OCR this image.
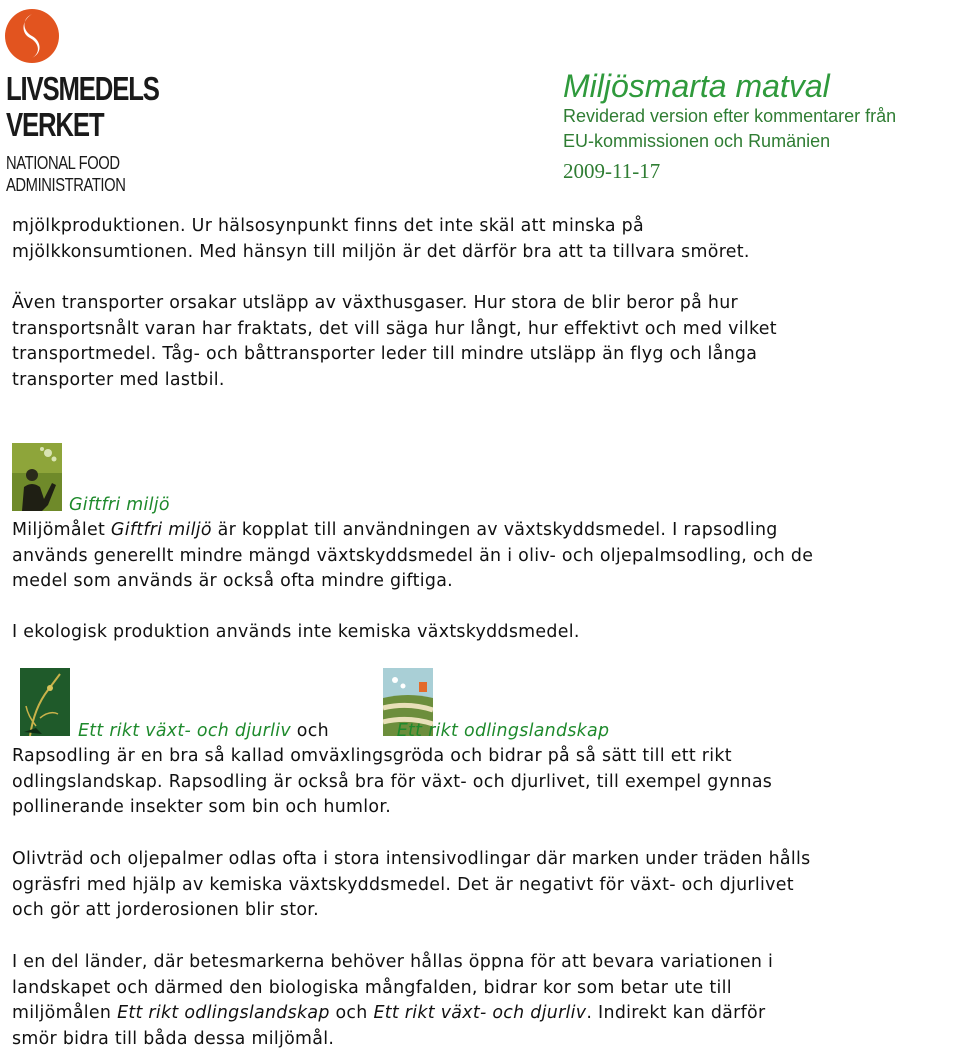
LIVSMEDELS
VERKET
NATIONAL FOOD
ADMINISTRATION
Miljösmarta matval
Reviderad version efter kommentarer från
EU-kommissionen och Rumänien
2009-11-17
mjölkproduktionen. Ur hälsosynpunkt finns det inte skäl att minska på
mjölkkonsumtionen. Med hänsyn till miljön är det därför bra att ta tillvara smöret.
Även transporter orsakar utsläpp av växthusgaser. Hur stora de blir beror på hur
transportsnålt varan har fraktats, det vill säga hur långt, hur effektivt och med vilket
transportmedel. Tåg- och båttransporter leder till mindre utsläpp än flyg och långa
transporter med lastbil.
Giftfri miljö
Miljömålet Giftfri miljö är kopplat till användningen av växtskyddsmedel. I rapsodling
används generellt mindre mängd växtskyddsmedel än i oliv- och oljepalmsodling, och de
medel som används är också ofta mindre giftiga.
I ekologisk produktion används inte kemiska växtskyddsmedel.
Ett rikt växt- och djurliv och	Ett rikt odlingslandskap
Rapsodling är en bra så kallad omväxlingsgröda och bidrar på så sätt till ett rikt
odlingslandskap. Rapsodling är också bra för växt- och djurlivet, till exempel gynnas
pollinerande insekter som bin och humlor.
Olivträd och oljepalmer odlas ofta i stora intensivodlingar där marken under träden hålls
ogräsfri med hjälp av kemiska växtskyddsmedel. Det är negativt för växt- och djurlivet
och gör att jorderosionen blir stor.
I en del länder, där betesmarkerna behöver hållas öppna för att bevara variationen i
landskapet och därmed den biologiska mångfalden, bidrar kor som betar ute till
miljömålen Ett rikt odlingslandskap och Ett rikt växt- och djurliv. Indirekt kan därför
smör bidra till båda dessa miljömål.
